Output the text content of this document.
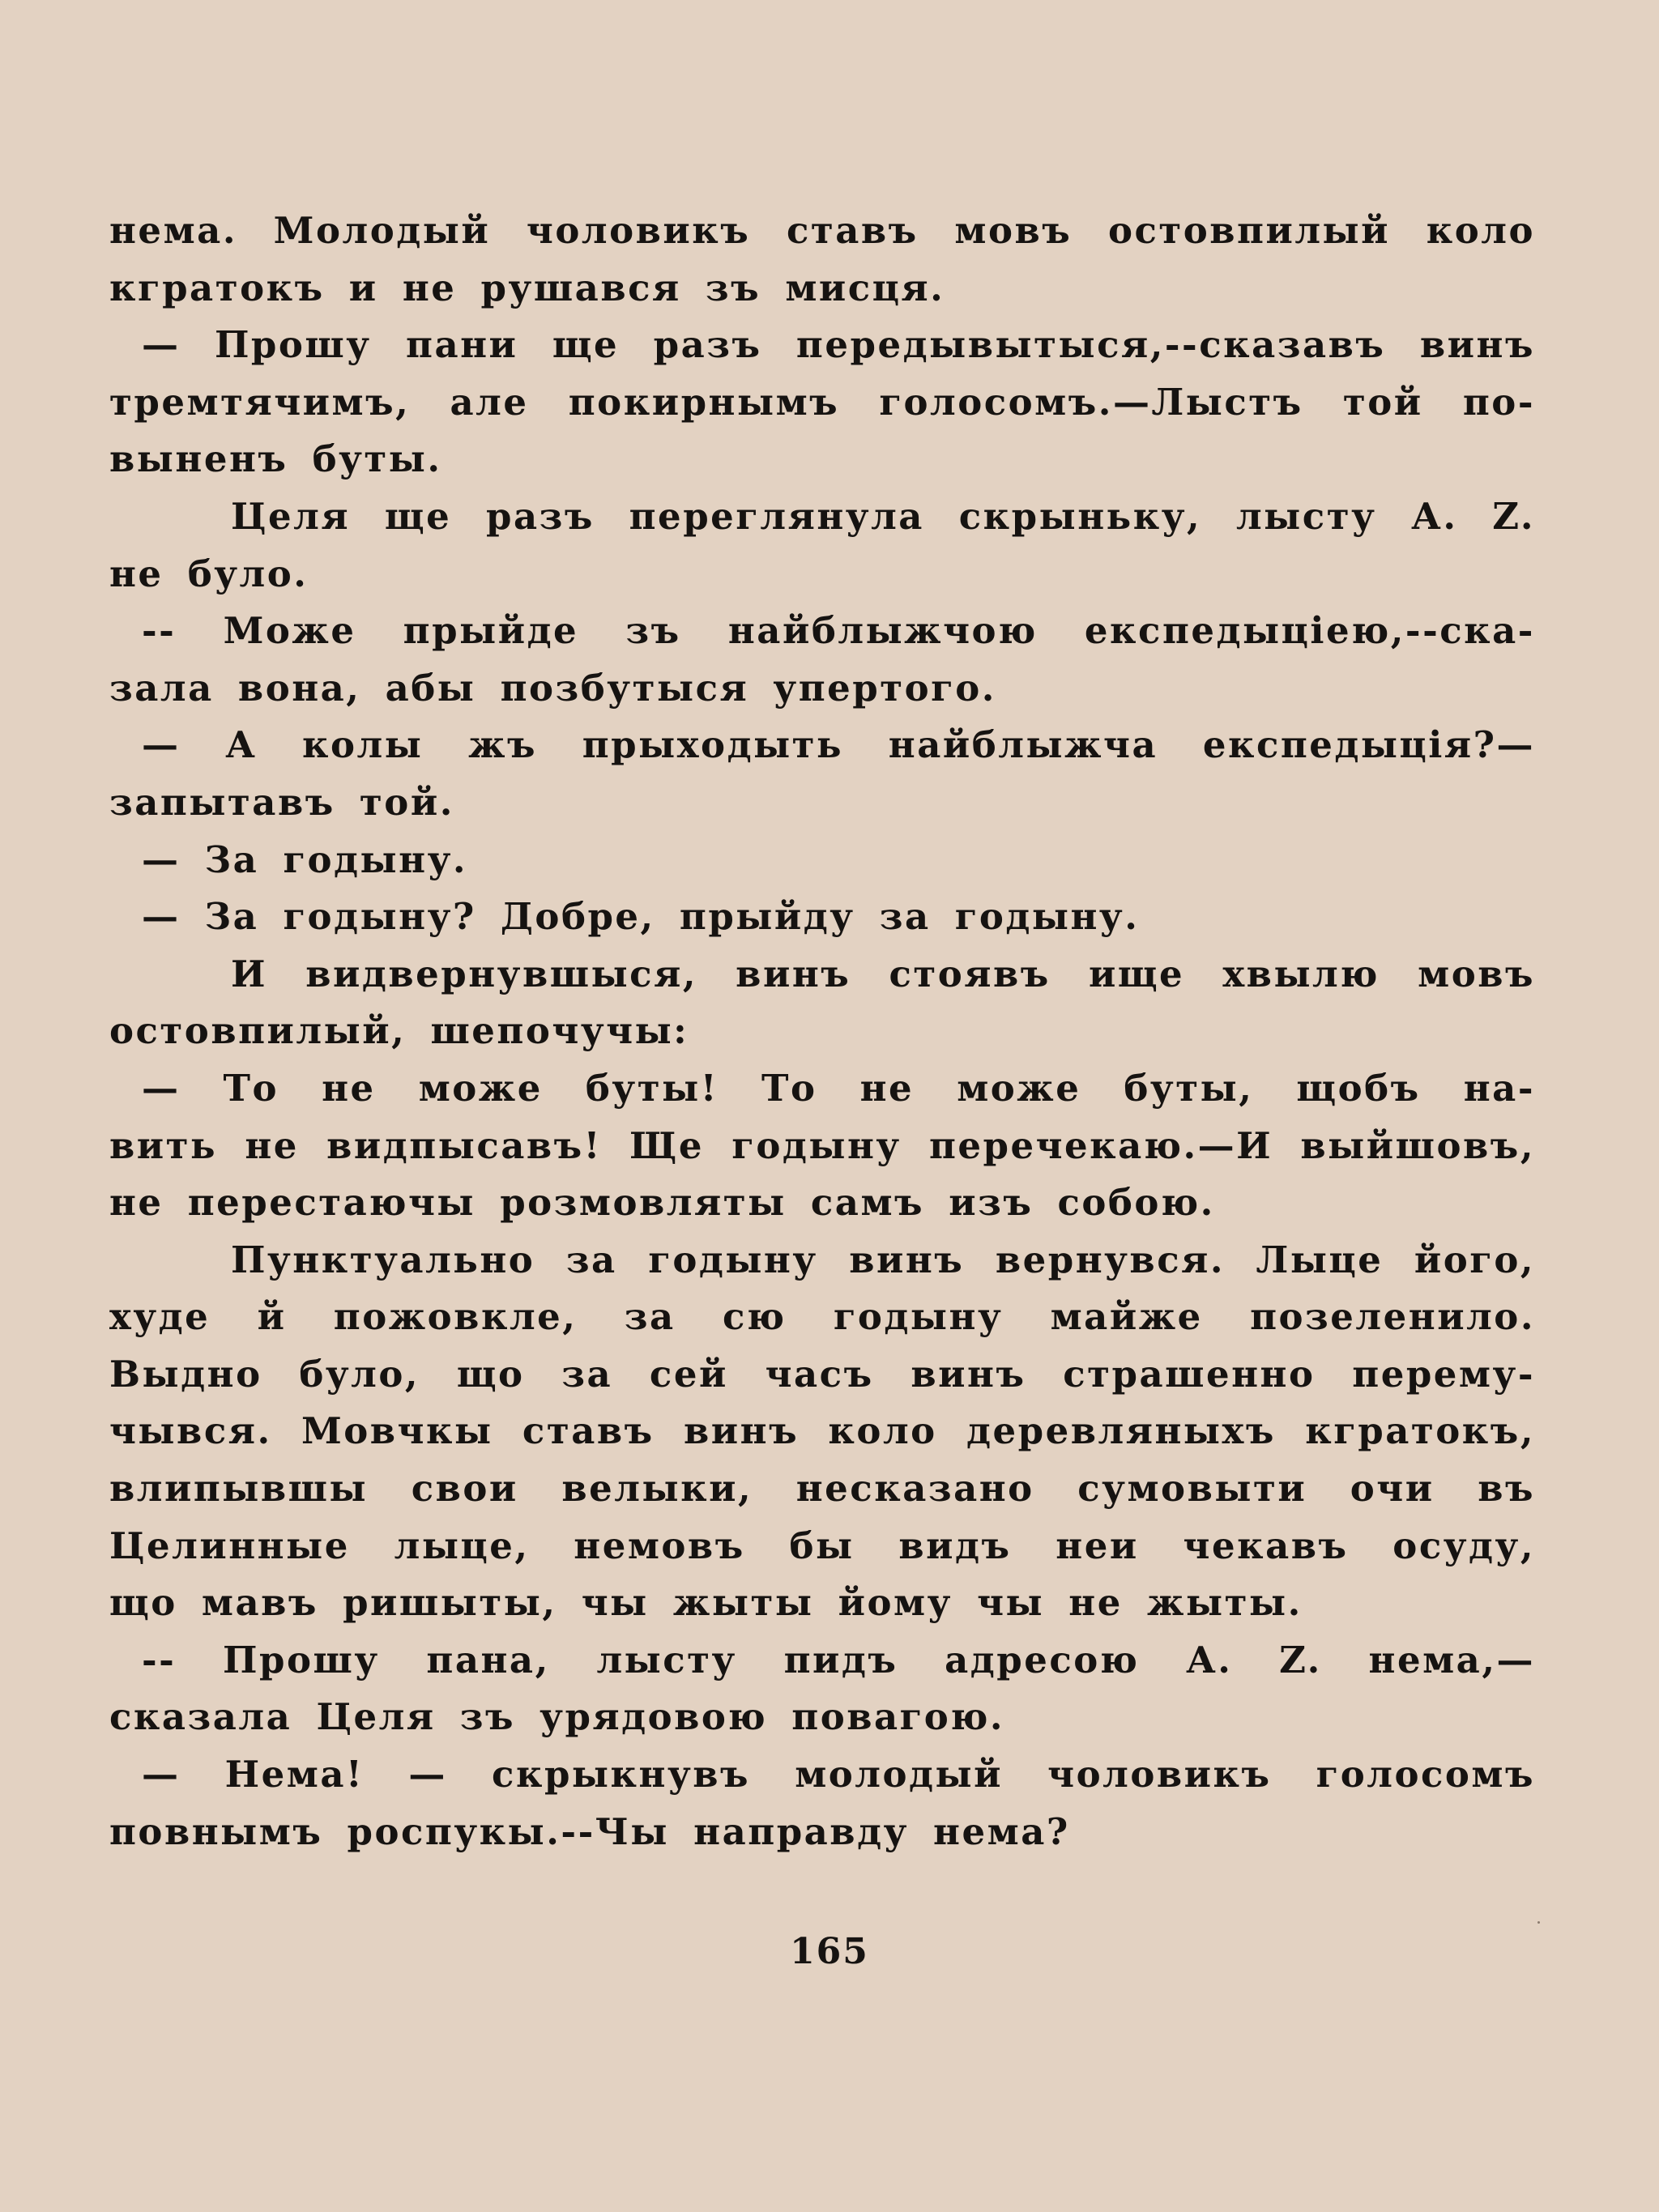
нема. Молодый чоловикъ ставъ мовъ остовпилый коло
кгратокъ и не рушався зъ мисця.
— Прошу пани ще разъ передывытыся,--сказавъ винъ
тремтячимъ, але покирнымъ голосомъ.—Лыстъ той по-
выненъ буты.
Целя ще разъ переглянула скрыньку, лысту А. Z.
не було.
-- Може прыйде зъ найблыжчою експедыціею,--ска-
зала вона, абы позбутыся упертого.
— А колы жъ прыходыть найблыжча експедыція?—
запытавъ той.
— За годыну.
— За годыну? Добре, прыйду за годыну.
И видвернувшыся, винъ стоявъ ище хвылю мовъ
остовпилый, шепочучы:
— То не може буты! То не може буты, щобъ на-
вить не видпысавъ! Ще годыну перечекаю.—И выйшовъ,
не перестаючы розмовляты самъ изъ собою.
Пунктуально за годыну винъ вернувся. Лыце його,
худе й пожовкле, за сю годыну майже позеленило.
Выдно було, що за сей часъ винъ страшенно перему-
чывся. Мовчкы ставъ винъ коло деревляныхъ кгратокъ,
влипывшы свои велыки, несказано сумовыти очи въ
Целинные лыце, немовъ бы видъ неи чекавъ осуду,
що мавъ ришыты, чы жыты йому чы не жыты.
-- Прошу пана, лысту пидъ адресою А. Z. нема,—
сказала Целя зъ урядовою повагою.
— Нема! — скрыкнувъ молодый чоловикъ голосомъ
повнымъ роспукы.--Чы направду нема?
165
